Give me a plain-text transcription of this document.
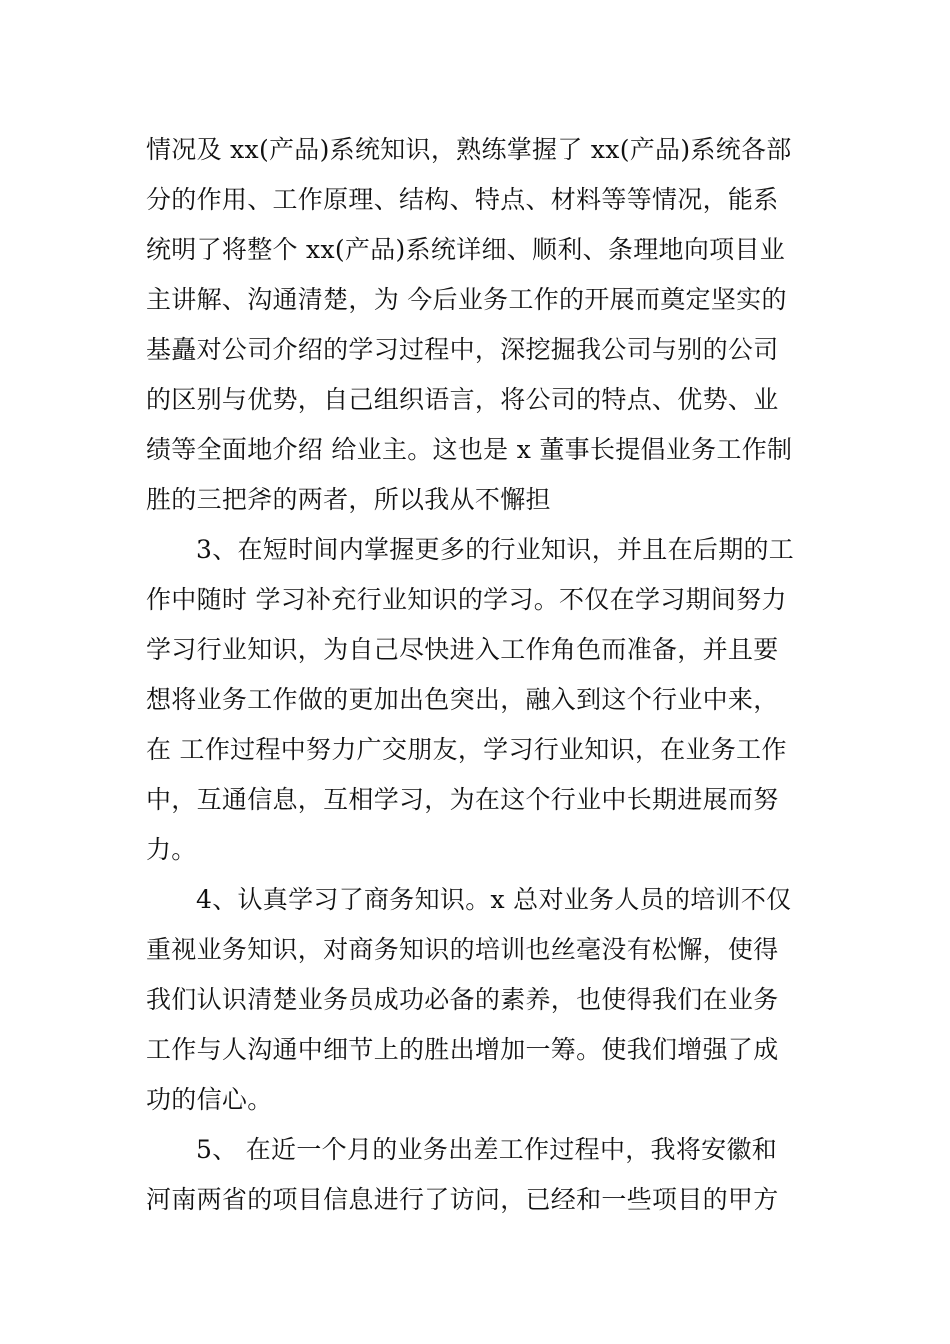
情况及 xx(产品)系统知识，熟练掌握了 xx(产品)系统各部
分的作用、工作原理、结构、特点、材料等等情况，能系
统明了将整个 xx(产品)系统详细、顺利、条理地向项目业
主讲解、沟通清楚，为 今后业务工作的开展而奠定坚实的
基矗对公司介绍的学习过程中，深挖掘我公司与别的公司
的区别与优势，自己组织语言，将公司的特点、优势、业
绩等全面地介绍 给业主。这也是 x 董事长提倡业务工作制
胜的三把斧的两者，所以我从不懈担
3、在短时间内掌握更多的行业知识，并且在后期的工
作中随时 学习补充行业知识的学习。不仅在学习期间努力
学习行业知识，为自己尽快进入工作角色而准备，并且要
想将业务工作做的更加出色突出，融入到这个行业中来，
在 工作过程中努力广交朋友，学习行业知识，在业务工作
中，互通信息，互相学习，为在这个行业中长期进展而努
力。
4、认真学习了商务知识。x 总对业务人员的培训不仅
重视业务知识，对商务知识的培训也丝毫没有松懈，使得
我们认识清楚业务员成功必备的素养，也使得我们在业务
工作与人沟通中细节上的胜出增加一筹。使我们增强了成
功的信心。
5、 在近一个月的业务出差工作过程中，我将安徽和
河南两省的项目信息进行了访问，已经和一些项目的甲方
